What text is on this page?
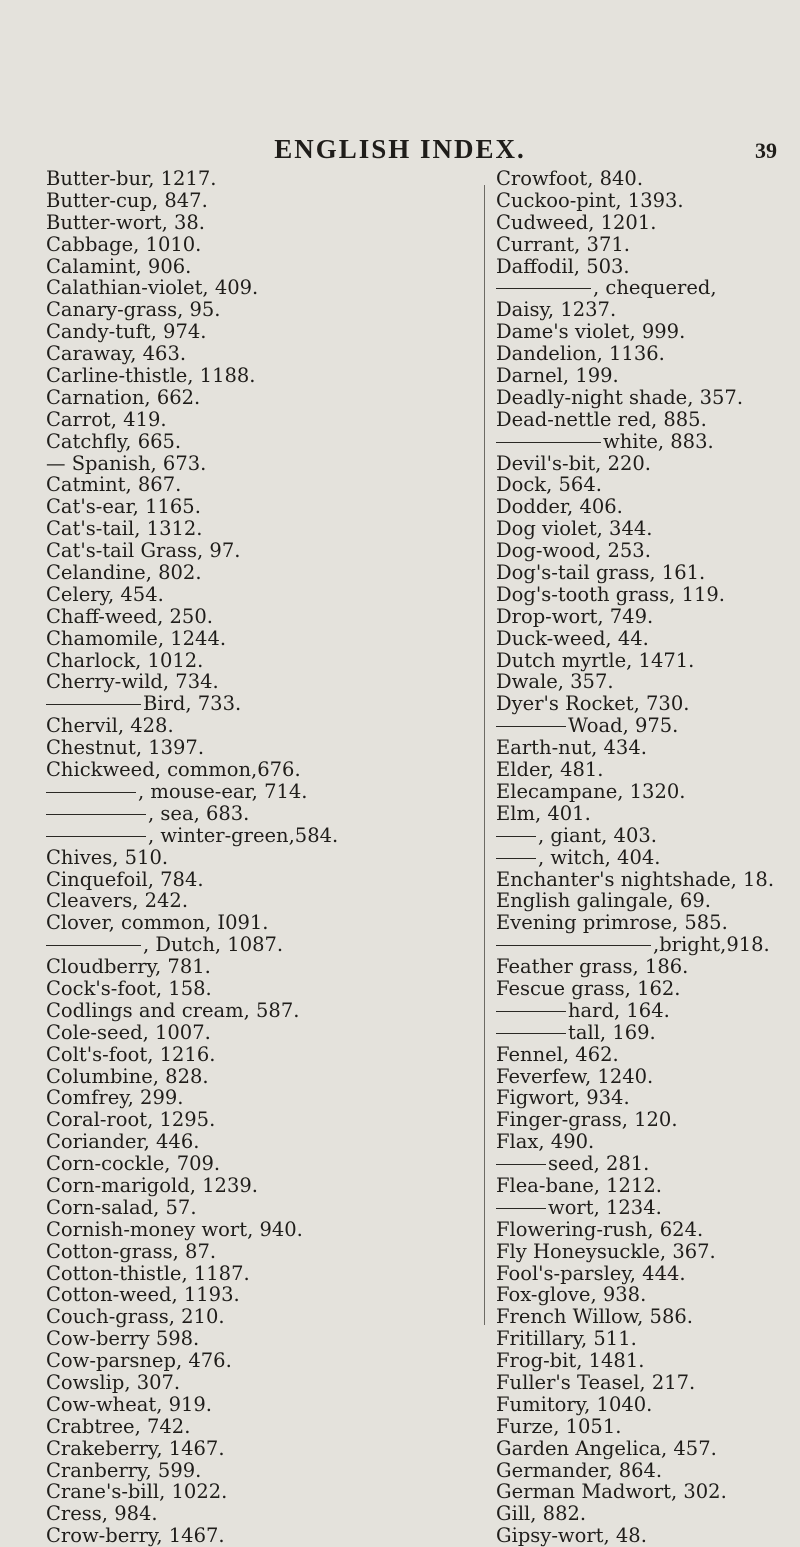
ENGLISH INDEX.	39
Butter-bur, 1217.
Butter-cup, 847.
Butter-wort, 38.
Cabbage, 1010.
Calamint, 906.
Calathian-violet, 409.
Canary-grass, 95.
Candy-tuft, 974.
Caraway, 463.
Carline-thistle, 1188.
Carnation, 662.
Carrot, 419.
Catchfly, 665.
— Spanish, 673.
Catmint, 867.
Cat's-ear, 1165.
Cat's-tail, 1312.
Cat's-tail Grass, 97.
Celandine, 802.
Celery, 454.
Chaff-weed, 250.
Chamomile, 1244.
Charlock, 1012.
Cherry-wild, 734.
Bird, 733.
Chervil, 428.
Chestnut, 1397.
Chickweed, common,676.
, mouse-ear, 714.
, sea, 683.
, winter-green,584.
Chives, 510.
Cinquefoil, 784.
Cleavers, 242.
Clover, common, I091.
, Dutch, 1087.
Cloudberry, 781.
Cock's-foot, 158.
Codlings and cream, 587.
Cole-seed, 1007.
Colt's-foot, 1216.
Columbine, 828.
Comfrey, 299.
Coral-root, 1295.
Coriander, 446.
Corn-cockle, 709.
Corn-marigold, 1239.
Corn-salad, 57.
Cornish-money wort, 940.
Cotton-grass, 87.
Cotton-thistle, 1187.
Cotton-weed, 1193.
Couch-grass, 210.
Cow-berry 598.
Cow-parsnep, 476.
Cowslip, 307.
Cow-wheat, 919.
Crabtree, 742.
Crakeberry, 1467.
Cranberry, 599.
Crane's-bill, 1022.
Cress, 984.
Crow-berry, 1467.
Crowfoot, 840.
Cuckoo-pint, 1393.
Cudweed, 1201.
Currant, 371.
Daffodil, 503.
, chequered,
Daisy, 1237.
Dame's violet, 999.
Dandelion, 1136.
Darnel, 199.
Deadly-night shade, 357.
Dead-nettle red, 885.
white, 883.
Devil's-bit, 220.
Dock, 564.
Dodder, 406.
Dog violet, 344.
Dog-wood, 253.
Dog's-tail grass, 161.
Dog's-tooth grass, 119.
Drop-wort, 749.
Duck-weed, 44.
Dutch myrtle, 1471.
Dwale, 357.
Dyer's Rocket, 730.
Woad, 975.
Earth-nut, 434.
Elder, 481.
Elecampane, 1320.
Elm, 401.
, giant, 403.
, witch, 404.
Enchanter's nightshade, 18.
English galingale, 69.
Evening primrose, 585.
,bright,918.
Feather grass, 186.
Fescue grass, 162.
hard, 164.
tall, 169.
Fennel, 462.
Feverfew, 1240.
Figwort, 934.
Finger-grass, 120.
Flax, 490.
seed, 281.
Flea-bane, 1212.
wort, 1234.
Flowering-rush, 624.
Fly Honeysuckle, 367.
Fool's-parsley, 444.
Fox-glove, 938.
French Willow, 586.
Fritillary, 511.
Frog-bit, 1481.
Fuller's Teasel, 217.
Fumitory, 1040.
Furze, 1051.
Garden Angelica, 457.
Germander, 864.
German Madwort, 302.
Gill, 882.
Gipsy-wort, 48.
